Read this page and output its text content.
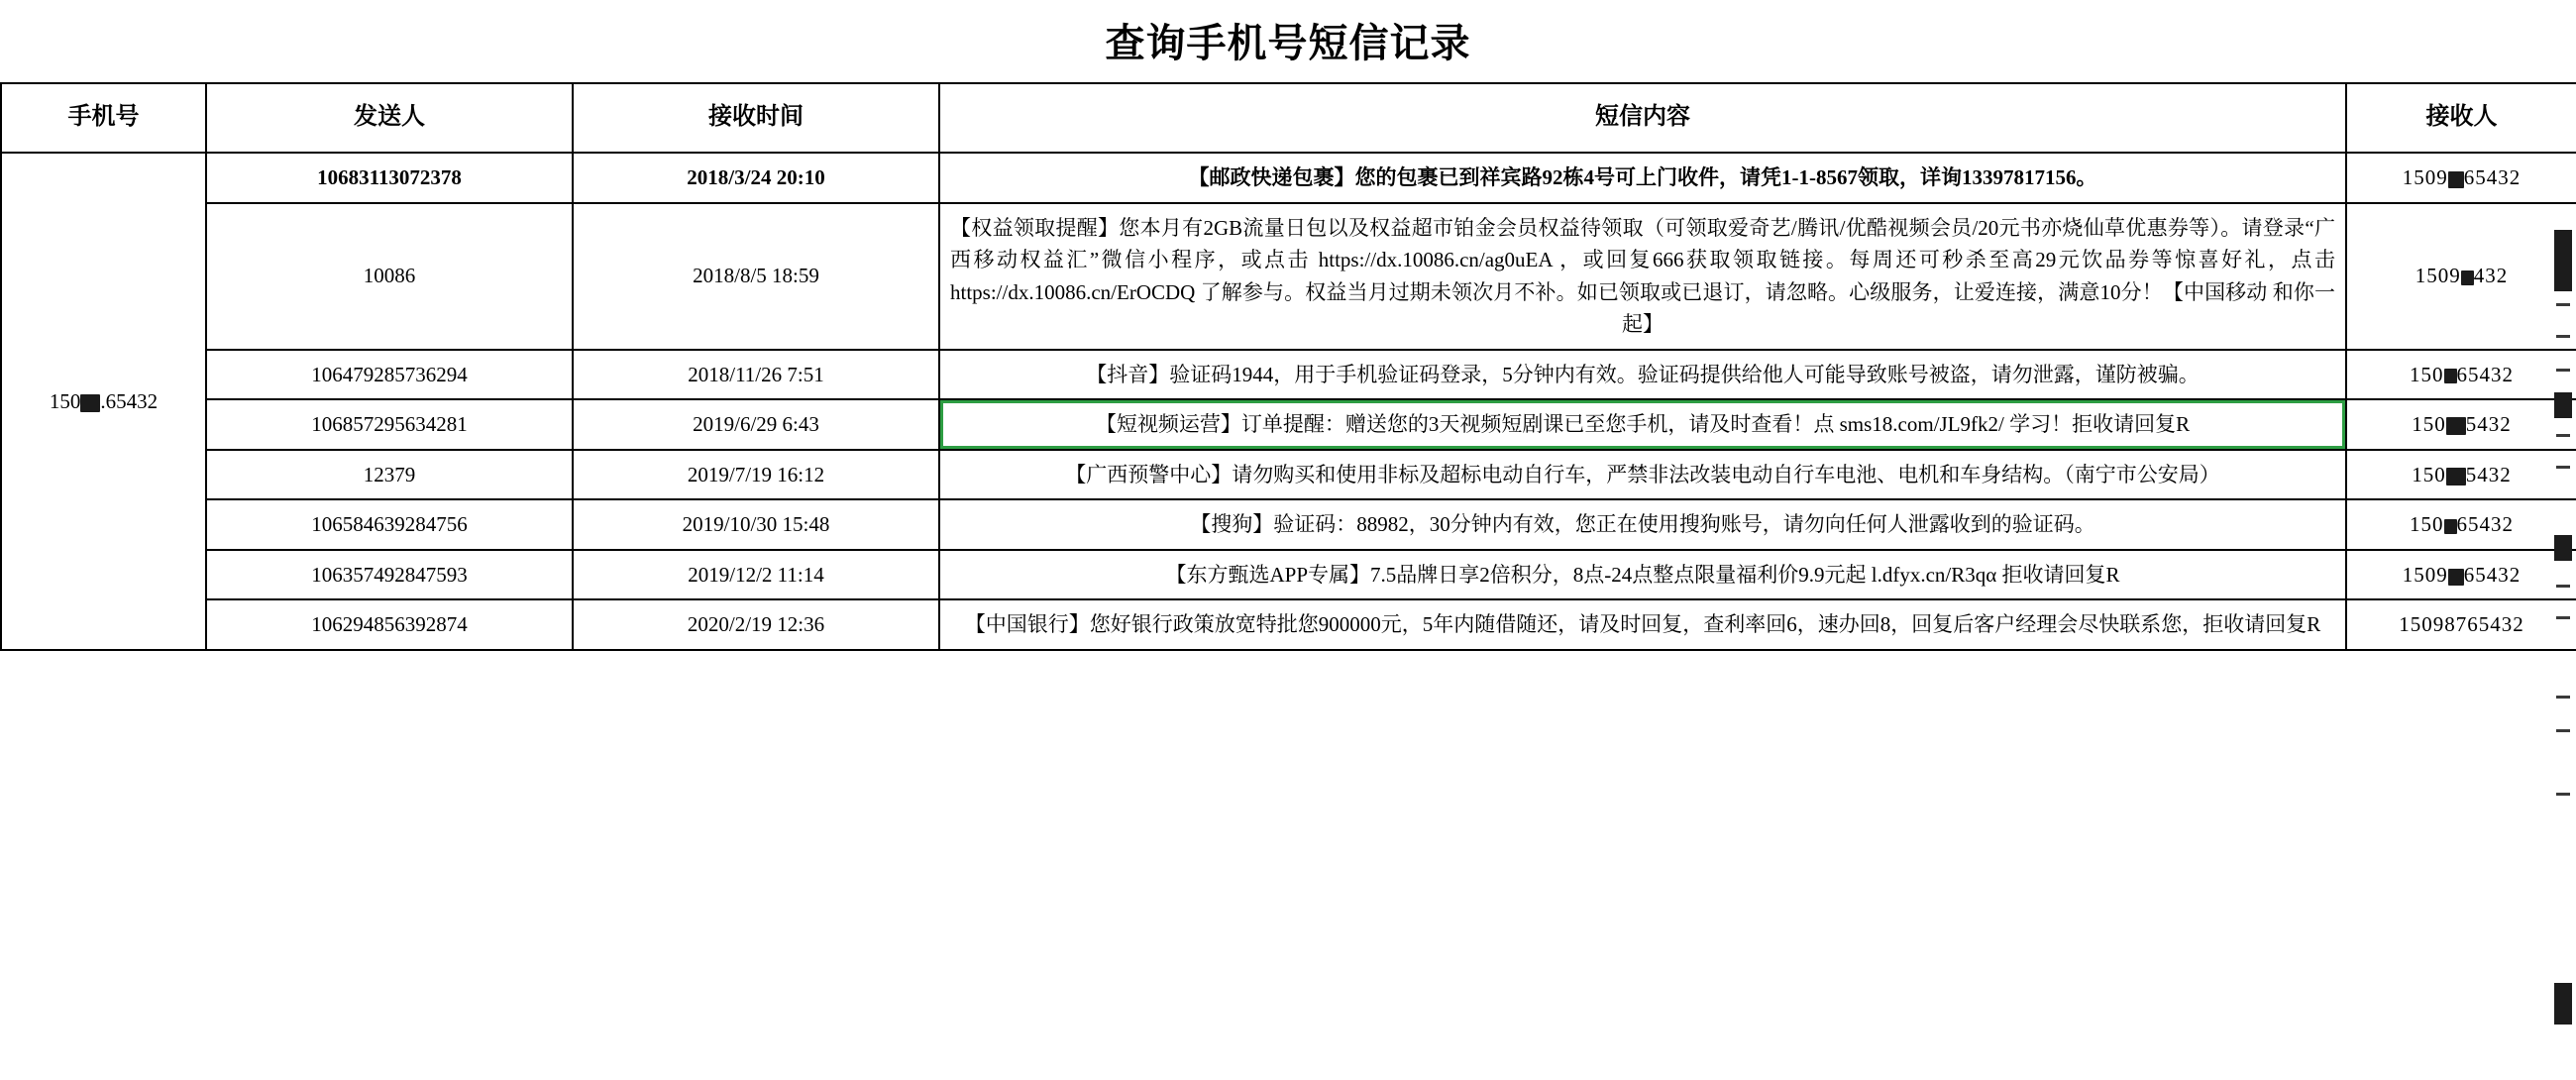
查询手机号短信记录
手机号	发送人	接收时间	短信内容	接收人
150 .65432	10683113072378	2018/3/24 20:10	【邮政快递包裹】您的包裹已到祥宾路92栋4号可上门收件，请凭1-1-8567领取，详询13397817156。	1509 65432
	10086	2018/8/5 18:59	【权益领取提醒】您本月有2GB流量日包以及权益超市铂金会员权益待领取（可领取爱奇艺/腾讯/优酷视频会员/20元书亦烧仙草优惠券等）。请登录“广西移动权益汇”微信小程序，或点击 https://dx.10086.cn/ag0uEA ，或回复666获取领取链接。每周还可秒杀至高29元饮品券等惊喜好礼，点击 https://dx.10086.cn/ErOCDQ 了解参与。权益当月过期未领次月不补。如已领取或已退订，请忽略。心级服务，让爱连接，满意10分！【中国移动 和你一起】	1509 432
	106479285736294	2018/11/26 7:51	【抖音】验证码1944，用于手机验证码登录，5分钟内有效。验证码提供给他人可能导致账号被盗，请勿泄露，谨防被骗。	150 65432
	106857295634281	2019/6/29 6:43	【短视频运营】订单提醒：赠送您的3天视频短剧课已至您手机，请及时查看！点 sms18.com/JL9fk2/ 学习！拒收请回复R	150 5432
	12379	2019/7/19 16:12	【广西预警中心】请勿购买和使用非标及超标电动自行车，严禁非法改装电动自行车电池、电机和车身结构。（南宁市公安局）	150 5432
	106584639284756	2019/10/30 15:48	【搜狗】验证码：88982，30分钟内有效，您正在使用搜狗账号，请勿向任何人泄露收到的验证码。	150 65432
	106357492847593	2019/12/2 11:14	【东方甄选APP专属】7.5品牌日享2倍积分，8点-24点整点限量福利价9.9元起 l.dfyx.cn/R3qα 拒收请回复R	1509 65432
	106294856392874	2020/2/19 12:36	【中国银行】您好银行政策放宽特批您900000元，5年内随借随还，请及时回复，查利率回6，速办回8，回复后客户经理会尽快联系您，拒收请回复R	15098765432
